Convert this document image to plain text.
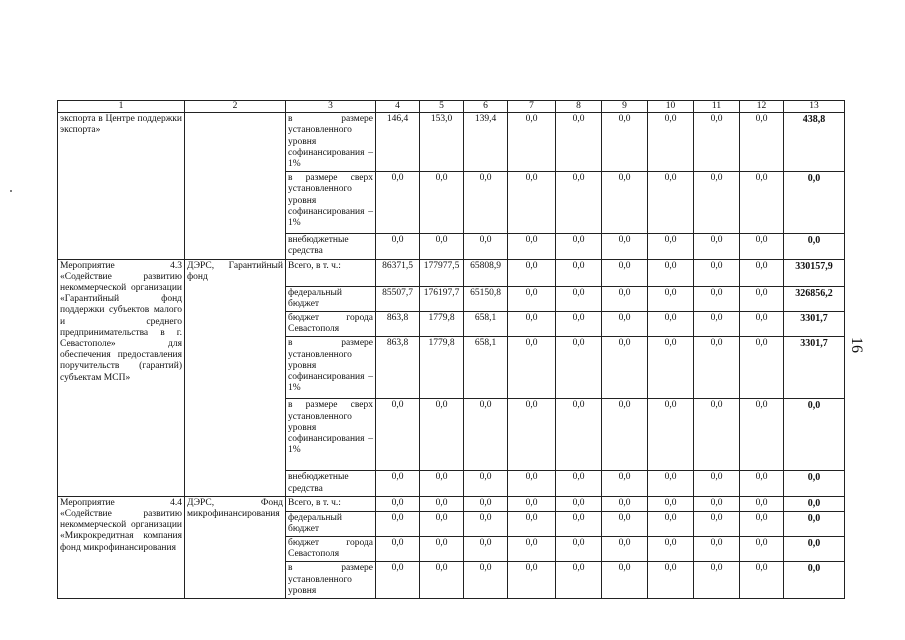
1	2	3	4	5	6	7	8	9	10	11	12	13
экспорта в Центре поддержки экспорта»		в размере установленного уровня софинансирования – 1%	146,4	153,0	139,4	0,0	0,0	0,0	0,0	0,0	0,0	438,8
		в размере сверх установленного уровня софинансирования – 1%	0,0	0,0	0,0	0,0	0,0	0,0	0,0	0,0	0,0	0,0
		внебюджетные средства	0,0	0,0	0,0	0,0	0,0	0,0	0,0	0,0	0,0	0,0
Мероприятие 4.3 «Содействие развитию некоммерческой организации «Гарантийный фонд поддержки субъектов малого и среднего предпринимательства в г. Севастополе» для обеспечения предоставления поручительств (гарантий) субъектам МСП»	ДЭРС, Гарантийный фонд	Всего, в т. ч.:	86371,5	177977,5	65808,9	0,0	0,0	0,0	0,0	0,0	0,0	330157,9
		федеральный бюджет	85507,7	176197,7	65150,8	0,0	0,0	0,0	0,0	0,0	0,0	326856,2
		бюджет города Севастополя	863,8	1779,8	658,1	0,0	0,0	0,0	0,0	0,0	0,0	3301,7
		в размере установленного уровня софинансирования – 1%	863,8	1779,8	658,1	0,0	0,0	0,0	0,0	0,0	0,0	3301,7
		в размере сверх установленного уровня софинансирования – 1%	0,0	0,0	0,0	0,0	0,0	0,0	0,0	0,0	0,0	0,0
		внебюджетные средства	0,0	0,0	0,0	0,0	0,0	0,0	0,0	0,0	0,0	0,0
Мероприятие 4.4 «Содействие развитию некоммерческой организации «Микрокредитная компания фонд микрофинансирования	ДЭРС, Фонд микрофинансирования	Всего, в т. ч.:	0,0	0,0	0,0	0,0	0,0	0,0	0,0	0,0	0,0	0,0
		федеральный бюджет	0,0	0,0	0,0	0,0	0,0	0,0	0,0	0,0	0,0	0,0
		бюджет города Севастополя	0,0	0,0	0,0	0,0	0,0	0,0	0,0	0,0	0,0	0,0
		в размере установленного уровня	0,0	0,0	0,0	0,0	0,0	0,0	0,0	0,0	0,0	0,0
16
